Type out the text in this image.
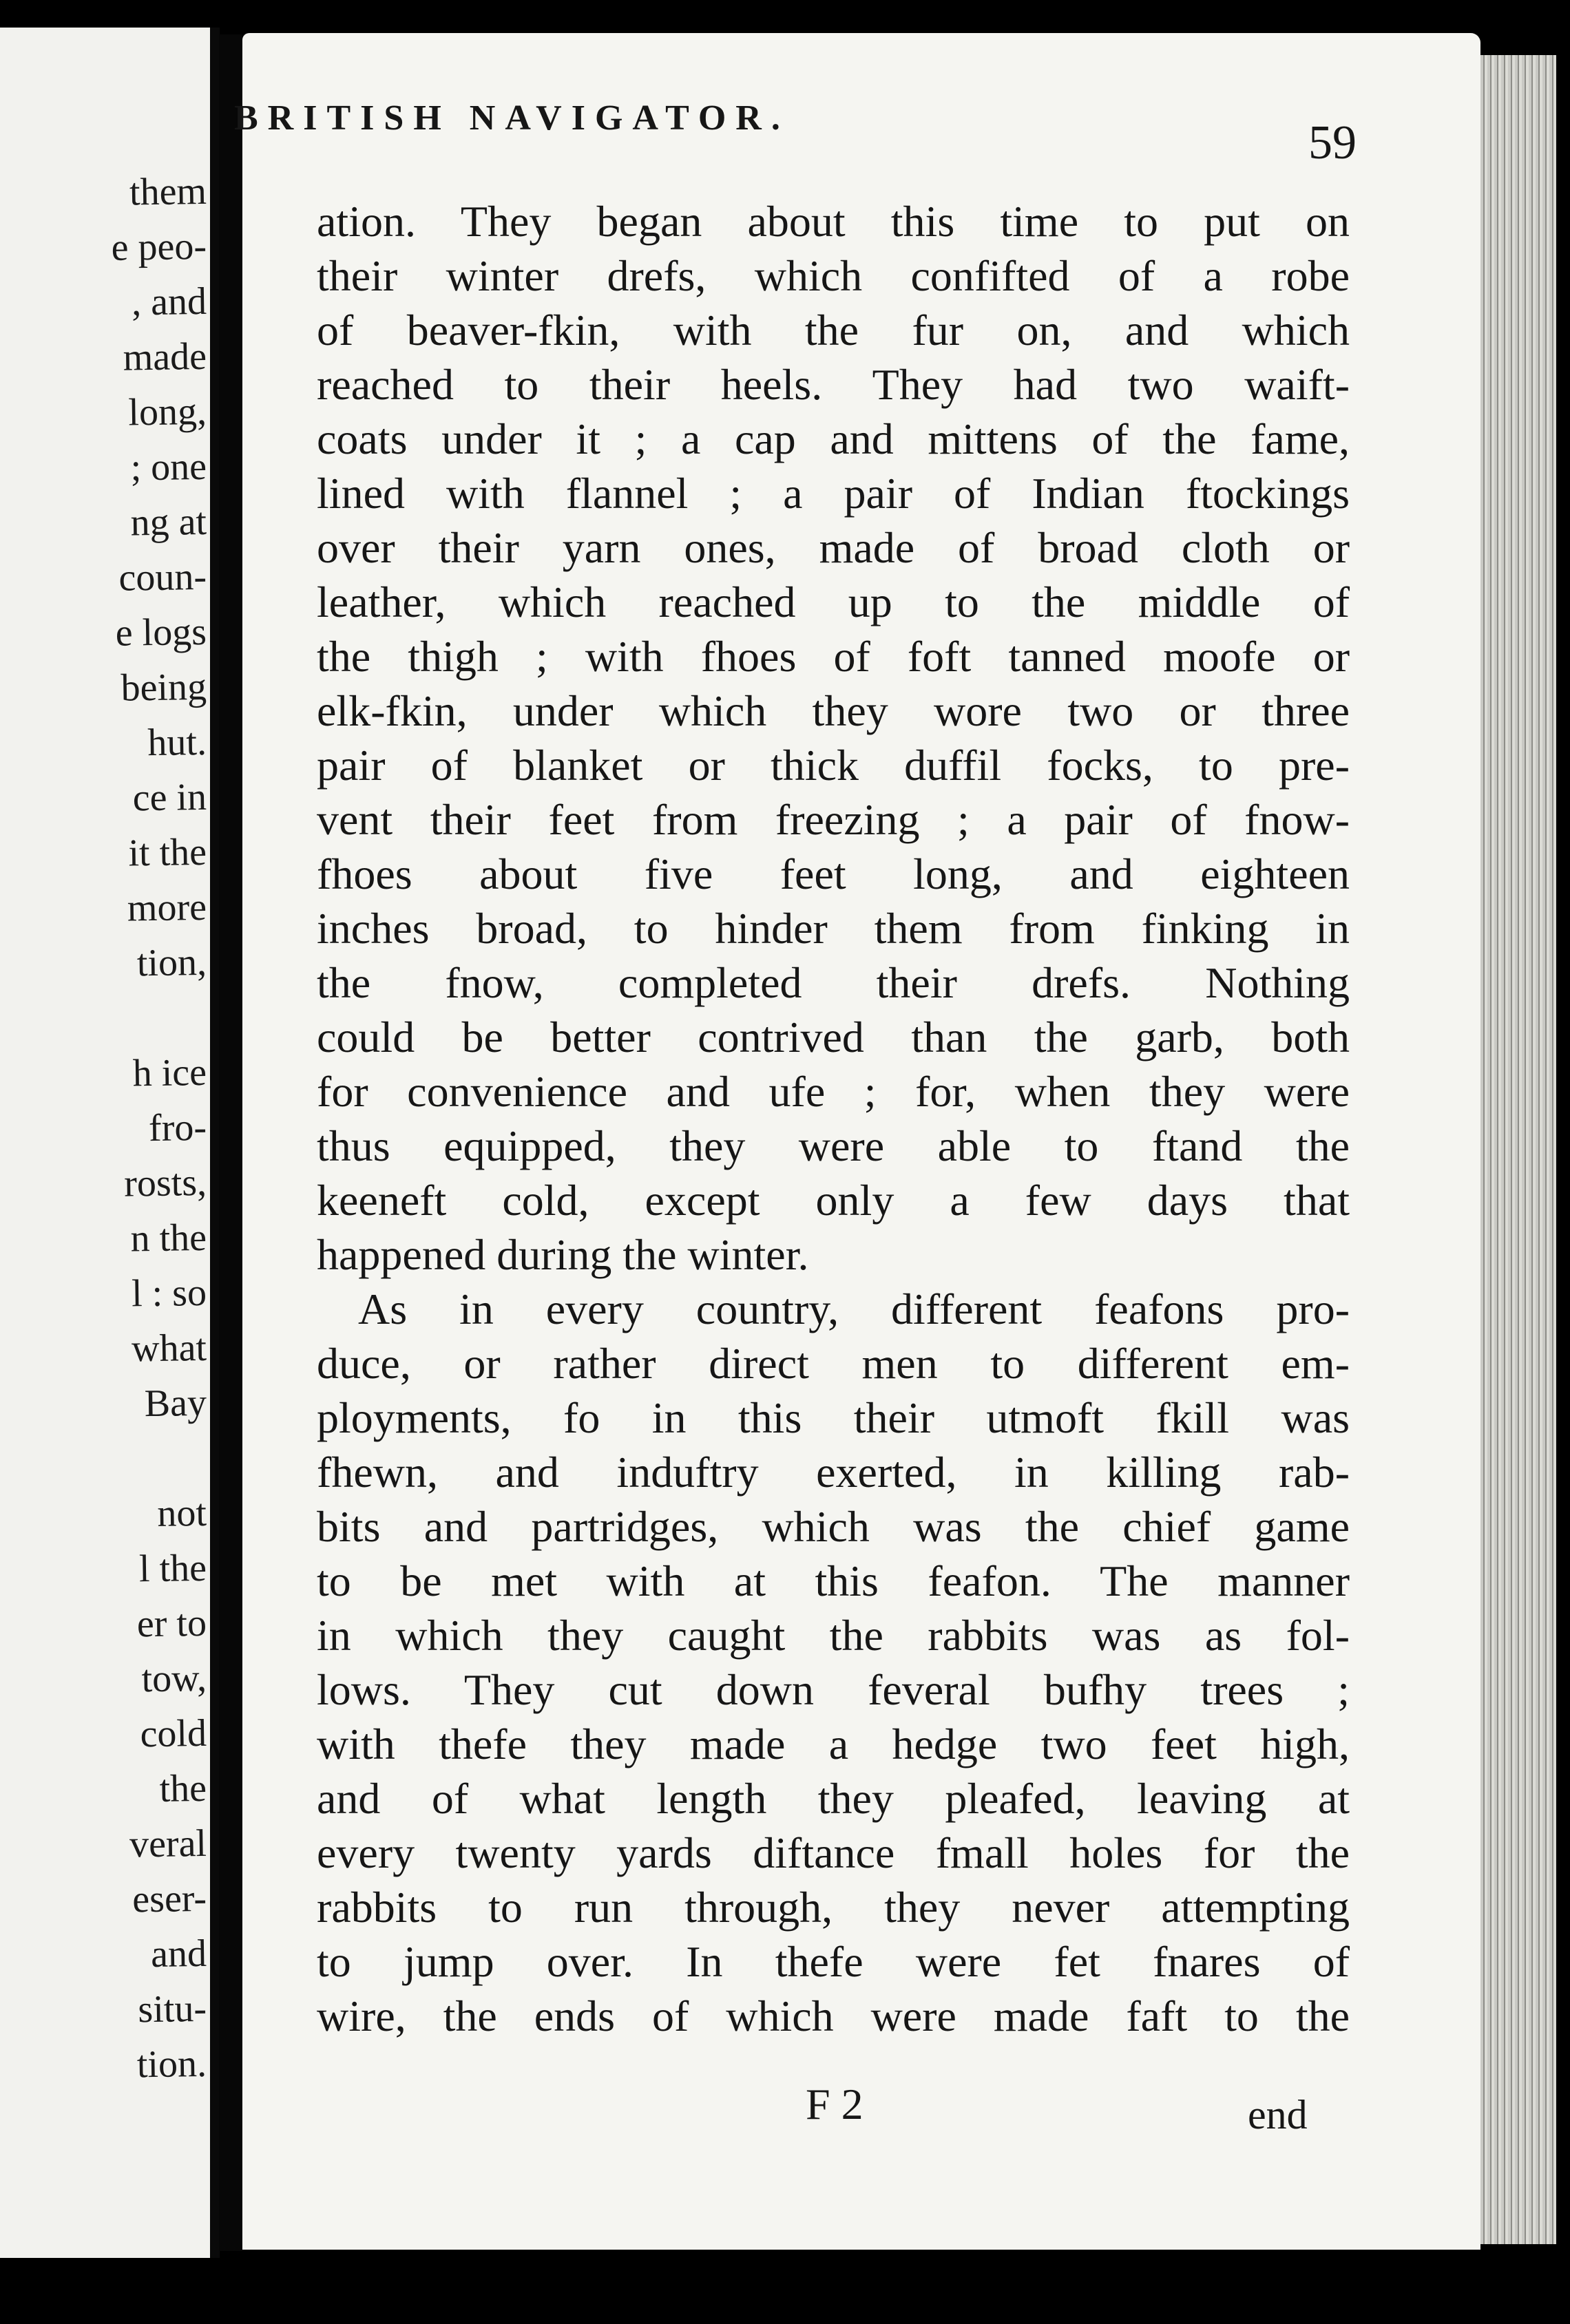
them
e peo-
, and
made
long,
; one
ng at
coun-
e logs
being
hut.
ce in
it the
more
tion,
h ice
fro-
rosts,
n the
l : so
what
Bay
not
l the
er to
tow,
cold
the
veral
eser-
and
situ-
tion.
BRITISH NAVIGATOR.	59
ation. They began about this time to put on
their winter drefs, which confifted of a robe
of beaver-fkin, with the fur on, and which
reached to their heels. They had two waift-
coats under it ; a cap and mittens of the fame,
lined with flannel ; a pair of Indian ftockings
over their yarn ones, made of broad cloth or
leather, which reached up to the middle of
the thigh ; with fhoes of foft tanned moofe or
elk-fkin, under which they wore two or three
pair of blanket or thick duffil focks, to pre-
vent their feet from freezing ; a pair of fnow-
fhoes about five feet long, and eighteen
inches broad, to hinder them from finking in
the fnow, completed their drefs. Nothing
could be better contrived than the garb, both
for convenience and ufe ; for, when they were
thus equipped, they were able to ftand the
keeneft cold, except only a few days that
happened during the winter.
As in every country, different feafons pro-
duce, or rather direct men to different em-
ployments, fo in this their utmoft fkill was
fhewn, and induftry exerted, in killing rab-
bits and partridges, which was the chief game
to be met with at this feafon. The manner
in which they caught the rabbits was as fol-
lows. They cut down feveral bufhy trees ;
with thefe they made a hedge two feet high,
and of what length they pleafed, leaving at
every twenty yards diftance fmall holes for the
rabbits to run through, they never attempting
to jump over. In thefe were fet fnares of
wire, the ends of which were made faft to the
F 2	end
